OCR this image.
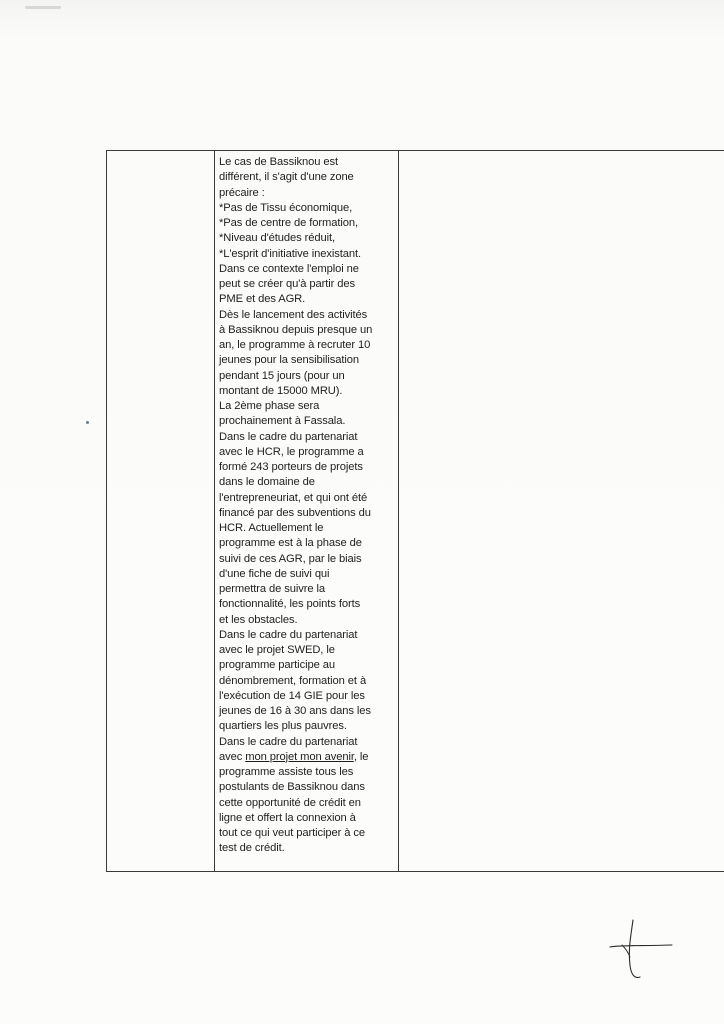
Le cas de Bassiknou est
différent, il s'agit d'une zone
précaire :
*Pas de Tissu économique,
*Pas de centre de formation,
*Niveau d'études réduit,
*L'esprit d'initiative inexistant.
Dans ce contexte l'emploi ne
peut se créer qu'à partir des
PME et des AGR.
Dès le lancement des activités
à Bassiknou depuis presque un
an, le programme à recruter 10
jeunes pour la sensibilisation
pendant 15 jours (pour un
montant de 15000 MRU).
La 2ème phase sera
prochainement à Fassala.
Dans le cadre du partenariat
avec le HCR, le programme a
formé 243 porteurs de projets
dans le domaine de
l'entrepreneuriat, et qui ont été
financé par des subventions du
HCR. Actuellement le
programme est à la phase de
suivi de ces AGR, par le biais
d'une fiche de suivi qui
permettra de suivre la
fonctionnalité, les points forts
et les obstacles.
Dans le cadre du partenariat
avec le projet SWED, le
programme participe au
dénombrement, formation et à
l'exécution de 14 GIE pour les
jeunes de 16 à 30 ans dans les
quartiers les plus pauvres.
Dans le cadre du partenariat
avec mon projet mon avenir, le
programme assiste tous les
postulants de Bassiknou dans
cette opportunité de crédit en
ligne et offert la connexion à
tout ce qui veut participer à ce
test de crédit.
